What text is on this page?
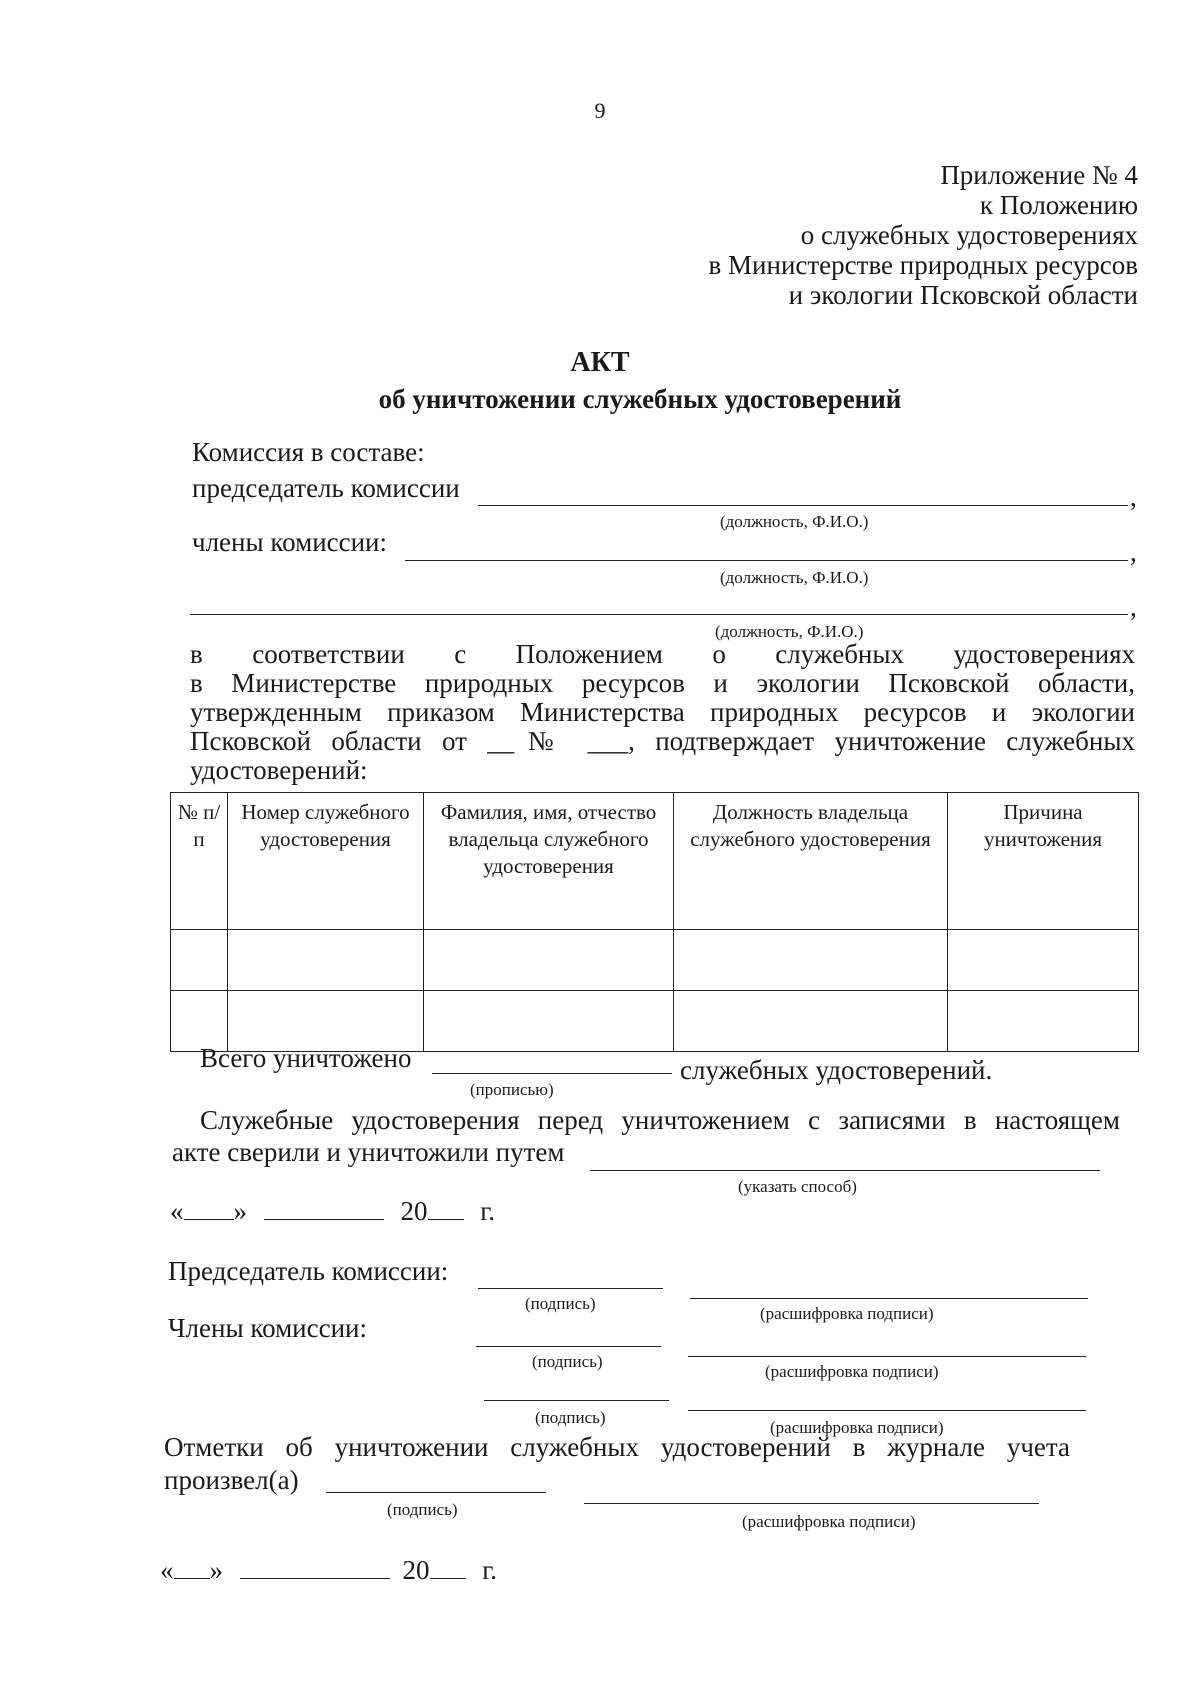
9
Приложение № 4
к Положению
о служебных удостоверениях
в Министерстве природных ресурсов
и экологии Псковской области
АКТ
об уничтожении служебных удостоверений
Комиссия в составе:
председатель комиссии	,
(должность, Ф.И.О.)
члены комиссии:	,
(должность, Ф.И.О.)
,
(должность, Ф.И.О.)
в соответствии с Положением о служебных удостоверениях
в Министерстве природных ресурсов и экологии Псковской области,
утвержденным приказом Министерства природных ресурсов и экологии
Псковской области от __№ ___, подтверждает уничтожение служебных
удостоверений:
№ п/п	Номер служебного удостоверения	Фамилия, имя, отчество владельца служебного удостоверения	Должность владельца служебного удостоверения	Причина уничтожения

Всего уничтожено	служебных удостоверений.
(прописью)
Служебные удостоверения перед уничтожением с записями в настоящем
акте сверили и уничтожили путем
(указать способ)
« »	20 г.
Председатель комиссии:
(подпись)
(расшифровка подписи)
Члены комиссии:
(подпись)
(расшифровка подписи)
(подпись)
(расшифровка подписи)
Отметки об уничтожении служебных удостоверений в журнале учета
произвел(а)
(подпись)
(расшифровка подписи)
« »	20 г.
